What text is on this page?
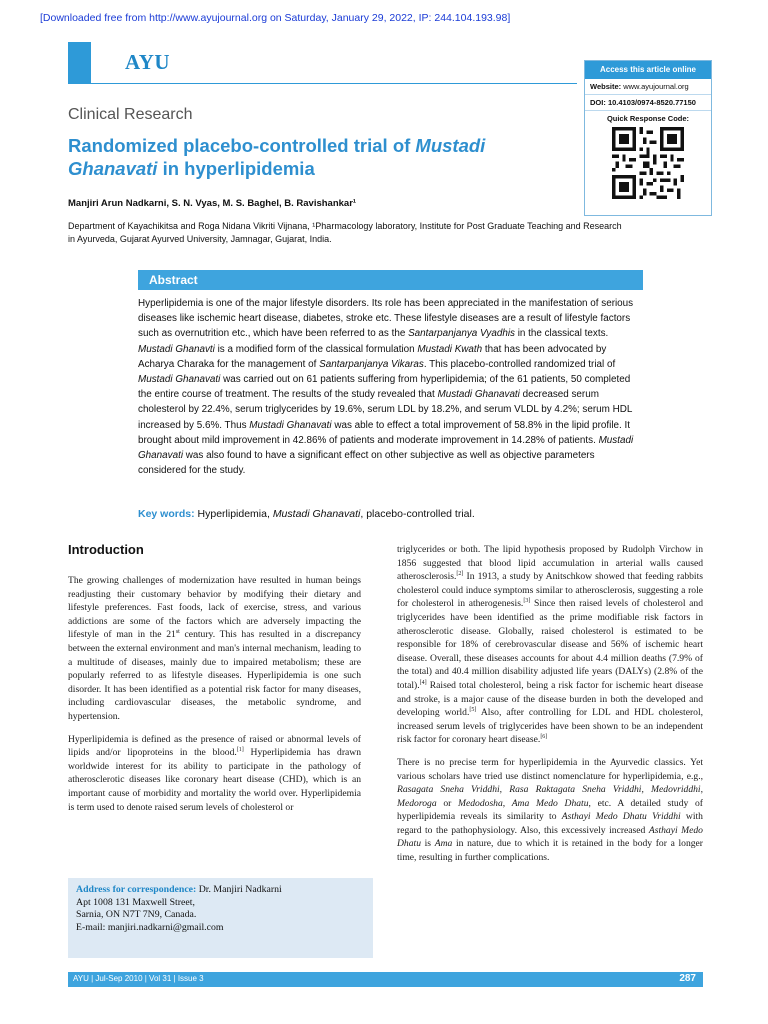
[Downloaded free from http://www.ayujournal.org on Saturday, January 29, 2022, IP: 244.104.193.98]
AYU	Access this article online
Website: www.ayujournal.org
DOI: 10.4103/0974-8520.77150
Quick Response Code:
Clinical Research
Randomized placebo-controlled trial of Mustadi Ghanavati in hyperlipidemia
Manjiri Arun Nadkarni, S. N. Vyas, M. S. Baghel, B. Ravishankar¹
Department of Kayachikitsa and Roga Nidana Vikriti Vijnana, ¹Pharmacology laboratory, Institute for Post Graduate Teaching and Research in Ayurveda, Gujarat Ayurved University, Jamnagar, Gujarat, India.
Abstract
Hyperlipidemia is one of the major lifestyle disorders. Its role has been appreciated in the manifestation of serious diseases like ischemic heart disease, diabetes, stroke etc. These lifestyle diseases are a result of lifestyle factors such as overnutrition etc., which have been referred to as the Santarpanjanya Vyadhis in the classical texts. Mustadi Ghanavti is a modified form of the classical formulation Mustadi Kwath that has been advocated by Acharya Charaka for the management of Santarpanjanya Vikaras. This placebo-controlled randomized trial of Mustadi Ghanavati was carried out on 61 patients suffering from hyperlipidemia; of the 61 patients, 50 completed the entire course of treatment. The results of the study revealed that Mustadi Ghanavati decreased serum cholesterol by 22.4%, serum triglycerides by 19.6%, serum LDL by 18.2%, and serum VLDL by 4.2%; serum HDL increased by 5.6%. Thus Mustadi Ghanavati was able to effect a total improvement of 58.8% in the lipid profile. It brought about mild improvement in 42.86% of patients and moderate improvement in 14.28% of patients. Mustadi Ghanavati was also found to have a significant effect on other subjective as well as objective parameters considered for the study.
Key words: Hyperlipidemia, Mustadi Ghanavati, placebo-controlled trial.
Introduction

The growing challenges of modernization have resulted in human beings readjusting their customary behavior by modifying their dietary and lifestyle preferences. Fast foods, lack of exercise, stress, and various addictions are some of the factors which are adversely impacting the lifestyle of man in the 21st century. This has resulted in a discrepancy between the external environment and man's internal mechanism, leading to a multitude of diseases, mainly due to impaired metabolism; these are popularly referred to as lifestyle diseases. Hyperlipidemia is one such disorder. It has been identified as a potential risk factor for many diseases, including cardiovascular diseases, the metabolic syndrome, and hypertension.

Hyperlipidemia is defined as the presence of raised or abnormal levels of lipids and/or lipoproteins in the blood.[1] Hyperlipidemia has drawn worldwide interest for its ability to participate in the pathology of atherosclerotic diseases like coronary heart disease (CHD), which is an important cause of morbidity and mortality the world over. Hyperlipidemia is term used to denote raised serum levels of cholesterol or

triglycerides or both. The lipid hypothesis proposed by Rudolph Virchow in 1856 suggested that blood lipid accumulation in arterial walls caused atherosclerosis.[2] In 1913, a study by Anitschkow showed that feeding rabbits cholesterol could induce symptoms similar to atherosclerosis, suggesting a role for cholesterol in atherogenesis.[3] Since then raised levels of cholesterol and triglycerides have been identified as the prime modifiable risk factors in atherosclerotic disease. Globally, raised cholesterol is estimated to be responsible for 18% of cerebrovascular disease and 56% of ischemic heart disease. Overall, these diseases accounts for about 4.4 million deaths (7.9% of the total) and 40.4 million disability adjusted life years (DALYs) (2.8% of the total).[4] Raised total cholesterol, being a risk factor for ischemic heart disease and stroke, is a major cause of the disease burden in both the developed and developing world.[5] Also, after controlling for LDL and HDL cholesterol, increased serum levels of triglycerides have been shown to be an independent risk factor for coronary heart disease.[6]

There is no precise term for hyperlipidemia in the Ayurvedic classics. Yet various scholars have tried use distinct nomenclature for hyperlipidemia, e.g., Rasagata Sneha Vriddhi, Rasa Raktagata Sneha Vriddhi, Medovriddhi, Medoroga or Medodosha, Ama Medo Dhatu, etc. A detailed study of hyperlipidemia reveals its similarity to Asthayi Medo Dhatu Vriddhi with regard to the pathophysiology. Also, this excessively increased Asthayi Medo Dhatu is Ama in nature, due to which it is retained in the body for a longer time, resulting in further complications.

Address for correspondence: Dr. Manjiri Nadkarni
Apt 1008 131 Maxwell Street,
Sarnia, ON N7T 7N9, Canada.
E-mail: manjiri.nadkarni@gmail.com
AYU | Jul-Sep 2010 | Vol 31 | Issue 3	287
